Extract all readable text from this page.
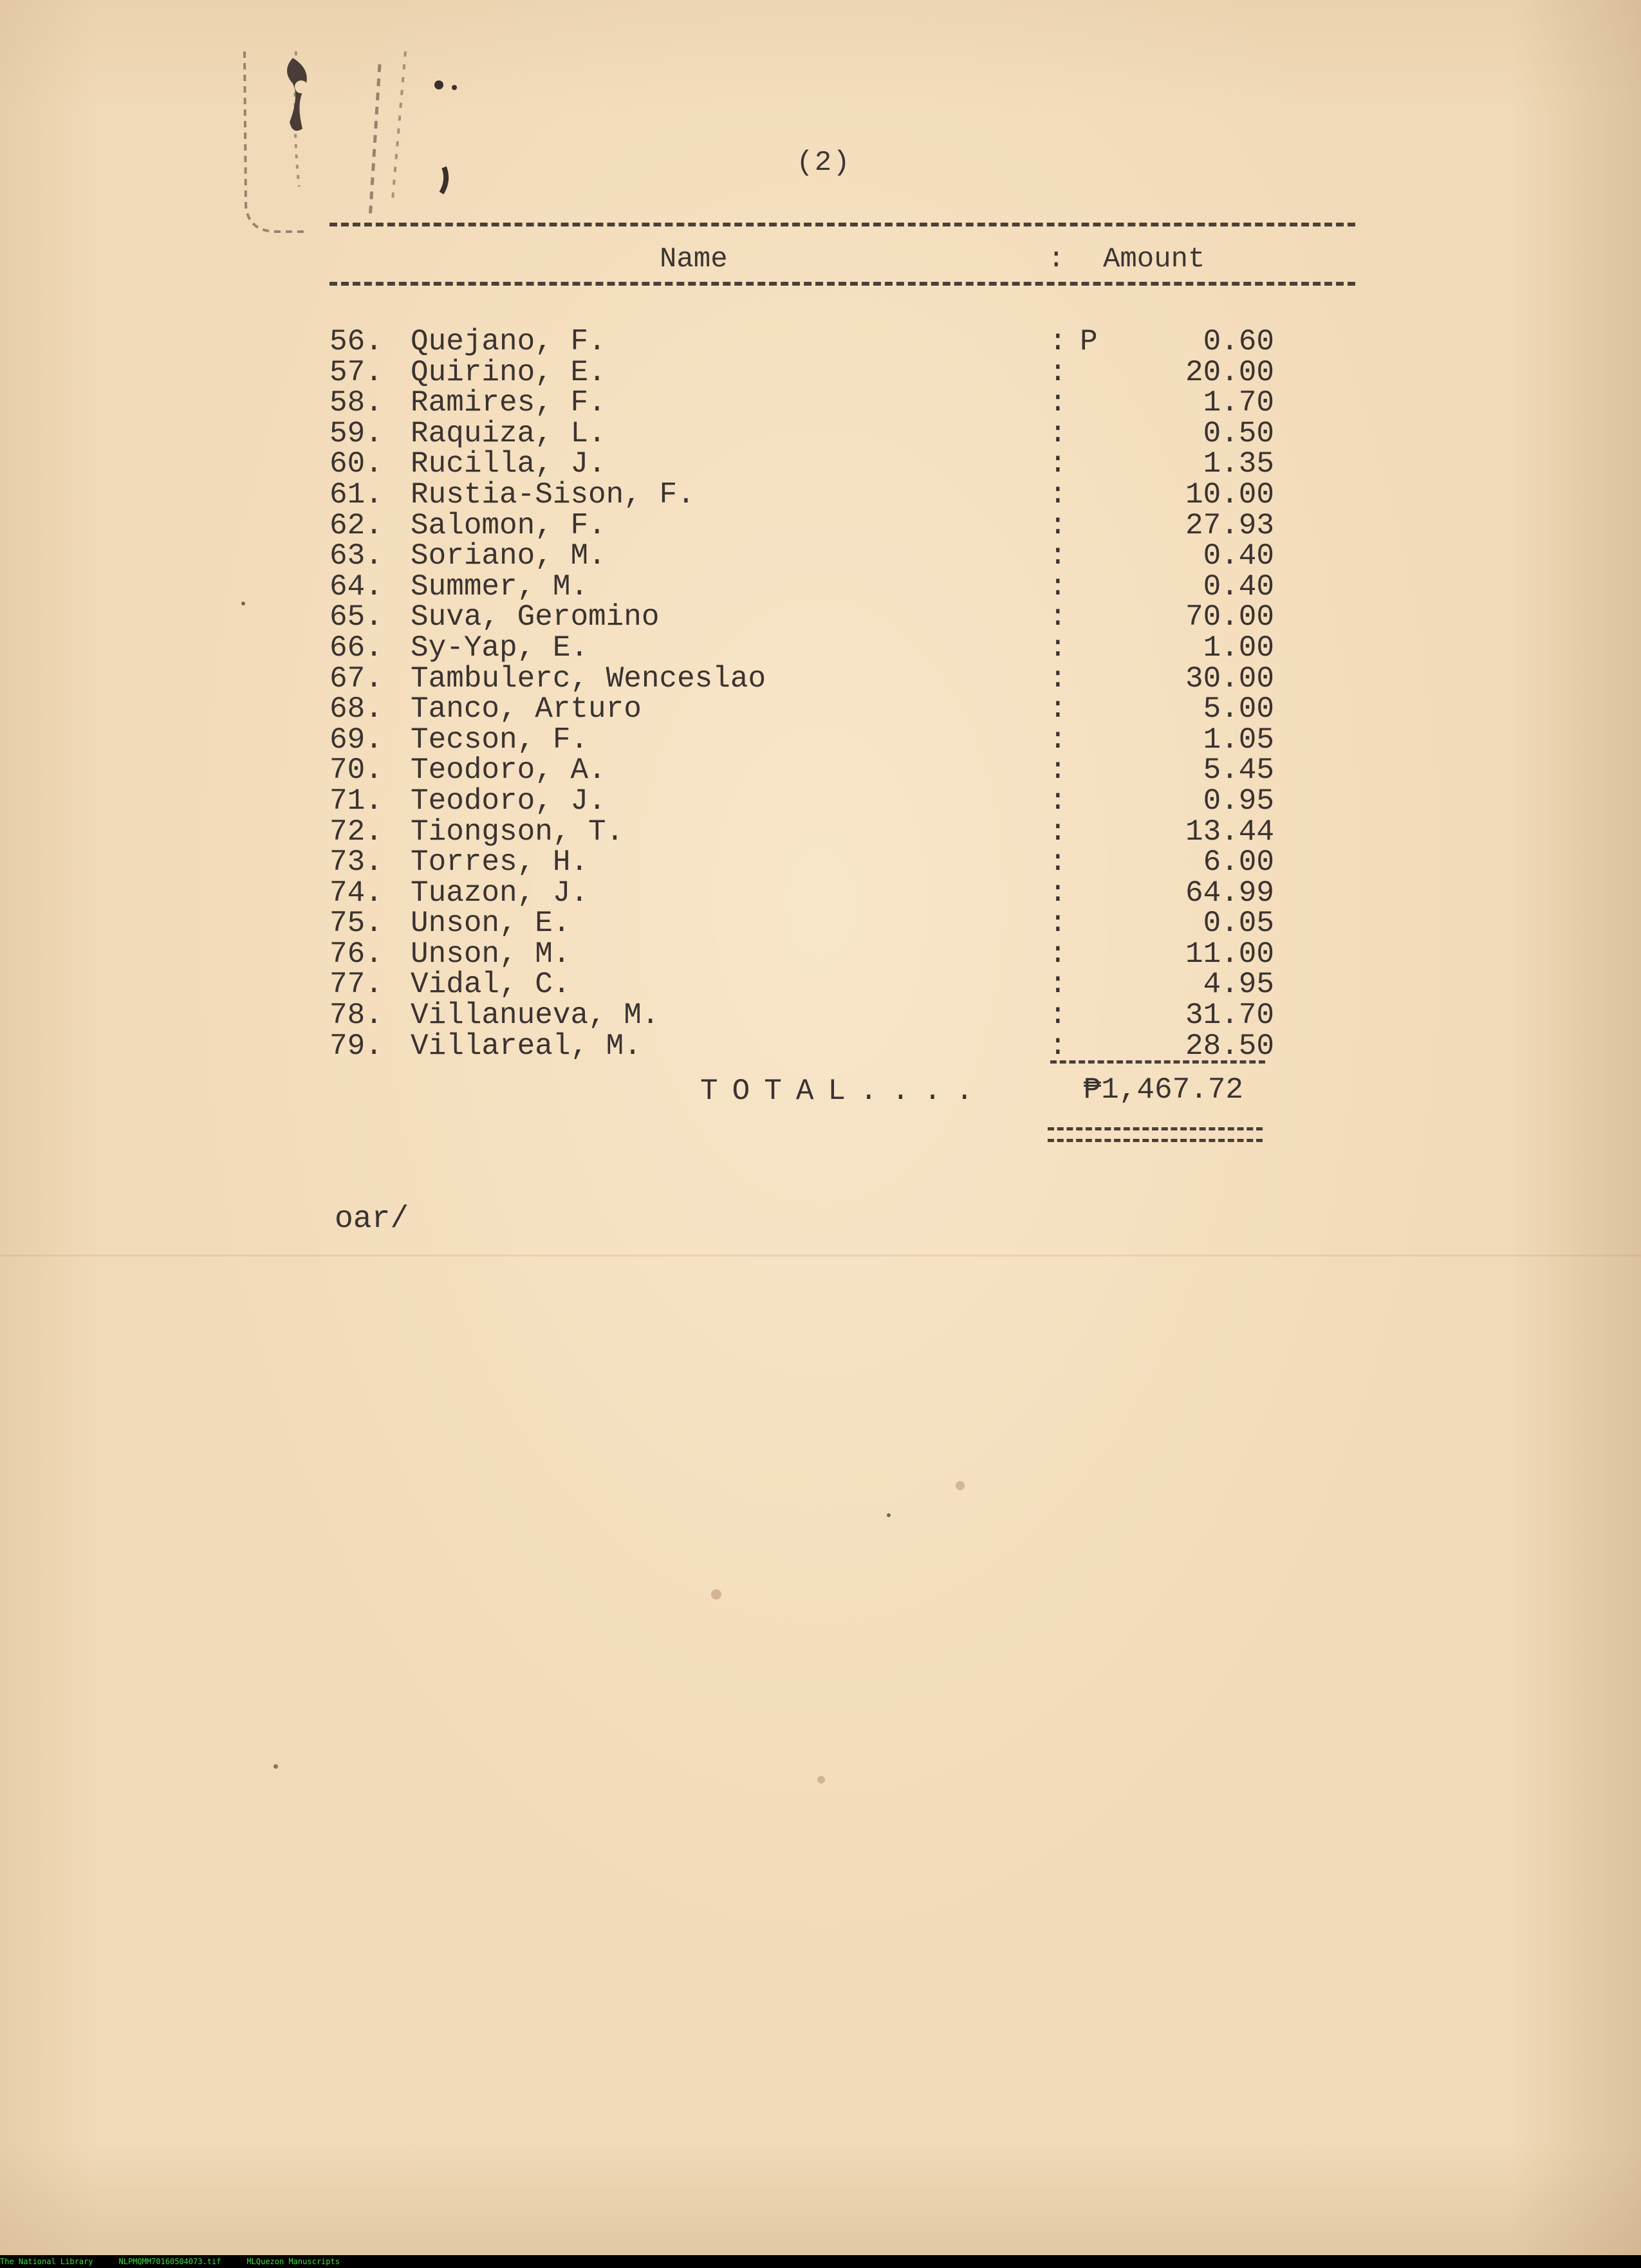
(2)
Name	: Amount
56. Quejano, F.	: P	0.60
57. Quirino, E.	:	20.00
58. Ramires, F.	:	1.70
59. Raquiza, L.	:	0.50
60. Rucilla, J.	:	1.35
61. Rustia-Sison, F.	:	10.00
62. Salomon, F.	:	27.93
63. Soriano, M.	:	0.40
64. Summer, M.	:	0.40
65. Suva, Geromino	:	70.00
66. Sy-Yap, E.	:	1.00
67. Tambulerc, Wenceslao	:	30.00
68. Tanco, Arturo	:	5.00
69. Tecson, F.	:	1.05
70. Teodoro, A.	:	5.45
71. Teodoro, J.	:	0.95
72. Tiongson, T.	:	13.44
73. Torres, H.	:	6.00
74. Tuazon, J.	:	64.99
75. Unson, E.	:	0.05
76. Unson, M.	:	11.00
77. Vidal, C.	:	4.95
78. Villanueva, M.	:	31.70
79. Villareal, M.	:	28.50
TOTAL....	₱1,467.72
oar/
The National Library	NLPMQMM70160504073.tif	MLQuezon Manuscripts
